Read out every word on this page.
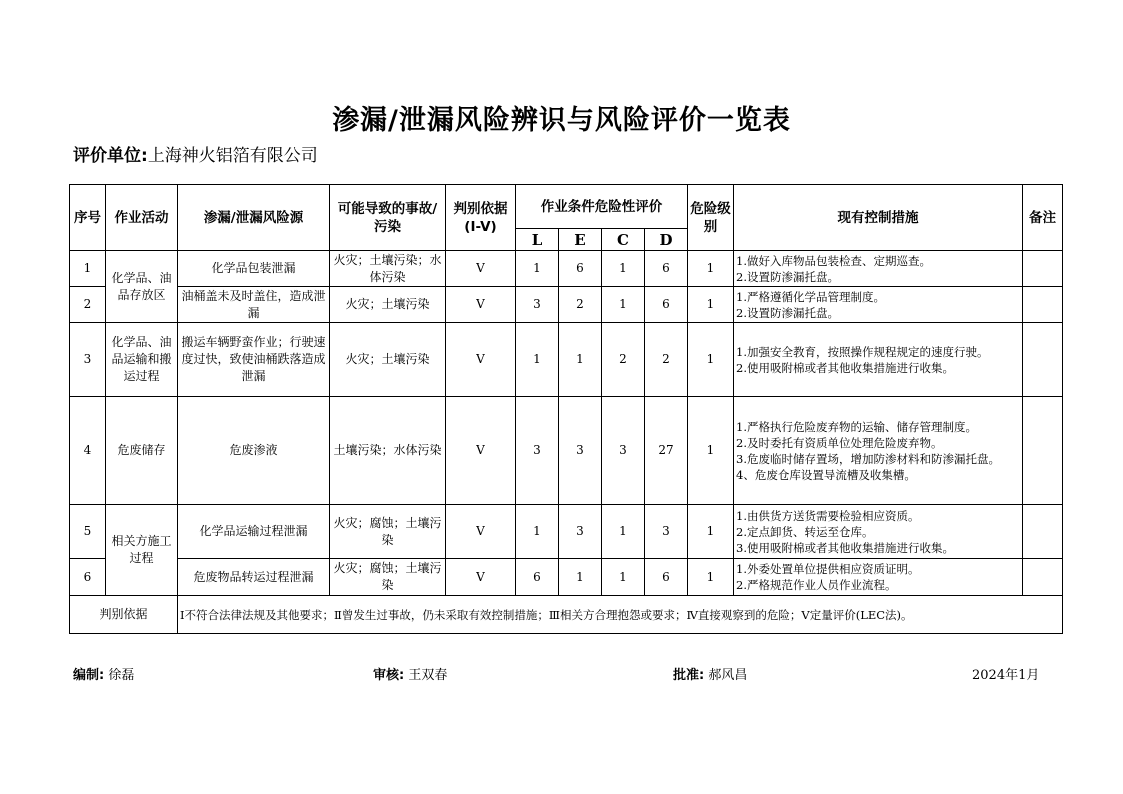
渗漏/泄漏风险辨识与风险评价一览表
评价单位:上海神火铝箔有限公司
序号	作业活动	渗漏/泄漏风险源	可能导致的事故/污染	判别依据(I-V)	作业条件危险性评价				危险级别	现有控制措施	备注
					L	E	C	D			
1	化学品、油品存放区	化学品包装泄漏	火灾；土壤污染；水体污染	V	1	6	1	6	1	1.做好入库物品包装检查、定期巡查。
2.设置防渗漏托盘。	

2		油桶盖未及时盖住，造成泄漏	火灾；土壤污染	V	3	2	1	6	1	1.严格遵循化学品管理制度。
2.设置防渗漏托盘。	

3	化学品、油品运输和搬运过程	搬运车辆野蛮作业；行驶速度过快，致使油桶跌落造成泄漏	火灾；土壤污染	V	1	1	2	2	1	1.加强安全教育，按照操作规程规定的速度行驶。
2.使用吸附棉或者其他收集措施进行收集。	

4	危废储存	危废渗液	土壤污染；水体污染	V	3	3	3	27	1	1.严格执行危险废弃物的运输、储存管理制度。
2.及时委托有资质单位处理危险废弃物。
3.危废临时储存置场，增加防渗材料和防渗漏托盘。
4、危废仓库设置导流槽及收集槽。	

5	相关方施工过程	化学品运输过程泄漏	火灾；腐蚀；土壤污染	V	1	3	1	3	1	1.由供货方送货需要检验相应资质。
2.定点卸货、转运至仓库。
3.使用吸附棉或者其他收集措施进行收集。	

6		危废物品转运过程泄漏	火灾；腐蚀；土壤污染	V	6	1	1	6	1	1.外委处置单位提供相应资质证明。
2.严格规范作业人员作业流程。	

判别依据		Ⅰ不符合法律法规及其他要求；Ⅱ曾发生过事故，仍未采取有效控制措施；Ⅲ相关方合理抱怨或要求；Ⅳ直接观察到的危险；V定量评价(LEC法)。									
编制: 徐磊	审核: 王双春	批准: 郝风昌	2024年1月
